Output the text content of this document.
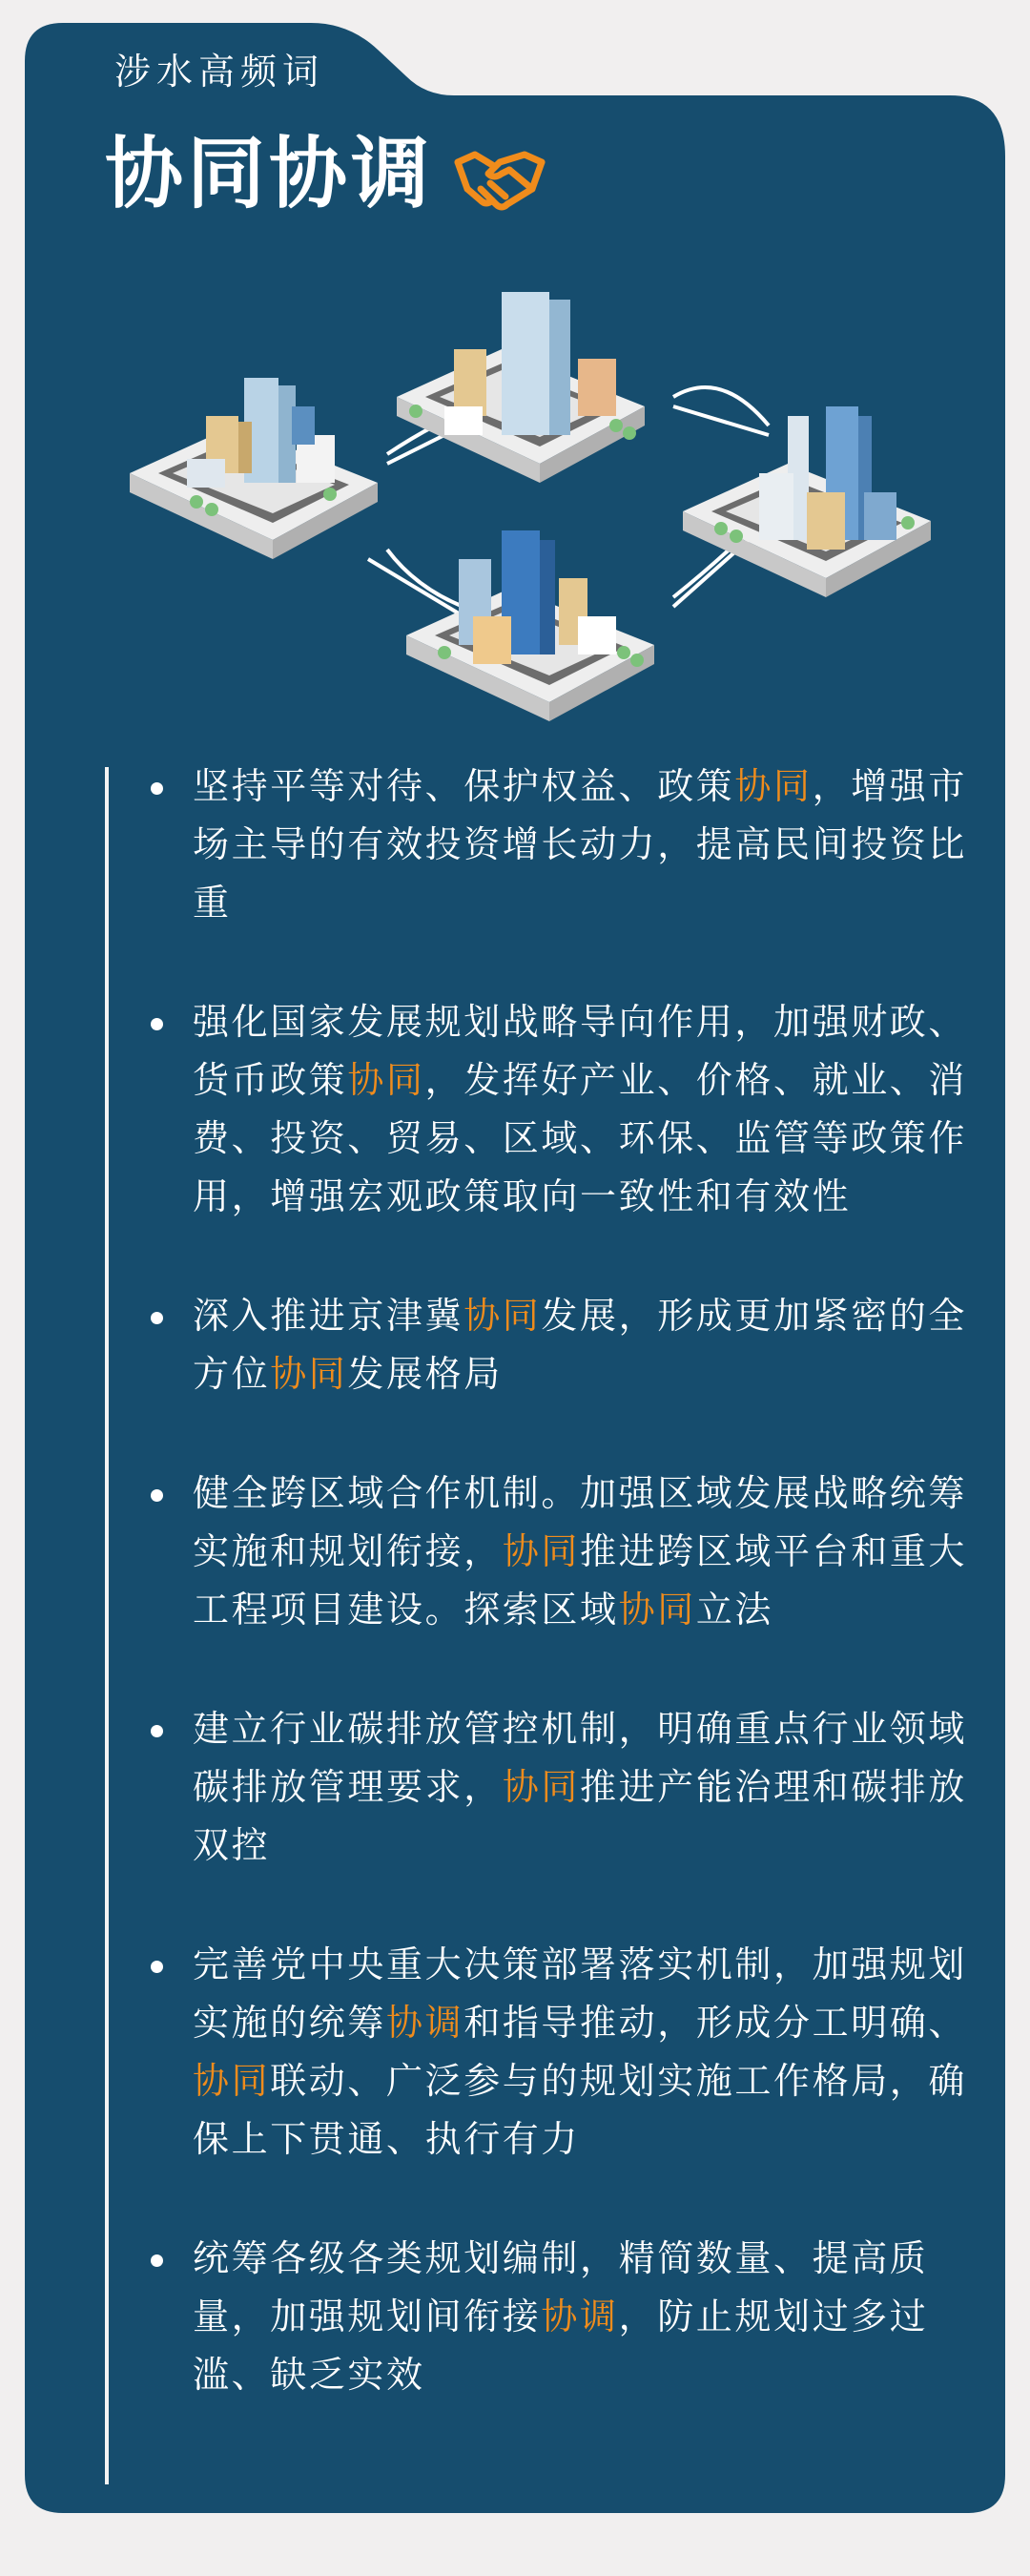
涉水高频词
协同协调
坚持平等对待、保护权益、政策协同，增强市场主导的有效投资增长动力，提高民间投资比重
强化国家发展规划战略导向作用，加强财政、货币政策协同，发挥好产业、价格、就业、消费、投资、贸易、区域、环保、监管等政策作用，增强宏观政策取向一致性和有效性
深入推进京津冀协同发展，形成更加紧密的全方位协同发展格局
健全跨区域合作机制。加强区域发展战略统筹实施和规划衔接，协同推进跨区域平台和重大工程项目建设。探索区域协同立法
建立行业碳排放管控机制，明确重点行业领域碳排放管理要求，协同推进产能治理和碳排放双控
完善党中央重大决策部署落实机制，加强规划实施的统筹协调和指导推动，形成分工明确、协同联动、广泛参与的规划实施工作格局，确保上下贯通、执行有力
统筹各级各类规划编制，精简数量、提高质量，加强规划间衔接协调，防止规划过多过滥、缺乏实效
